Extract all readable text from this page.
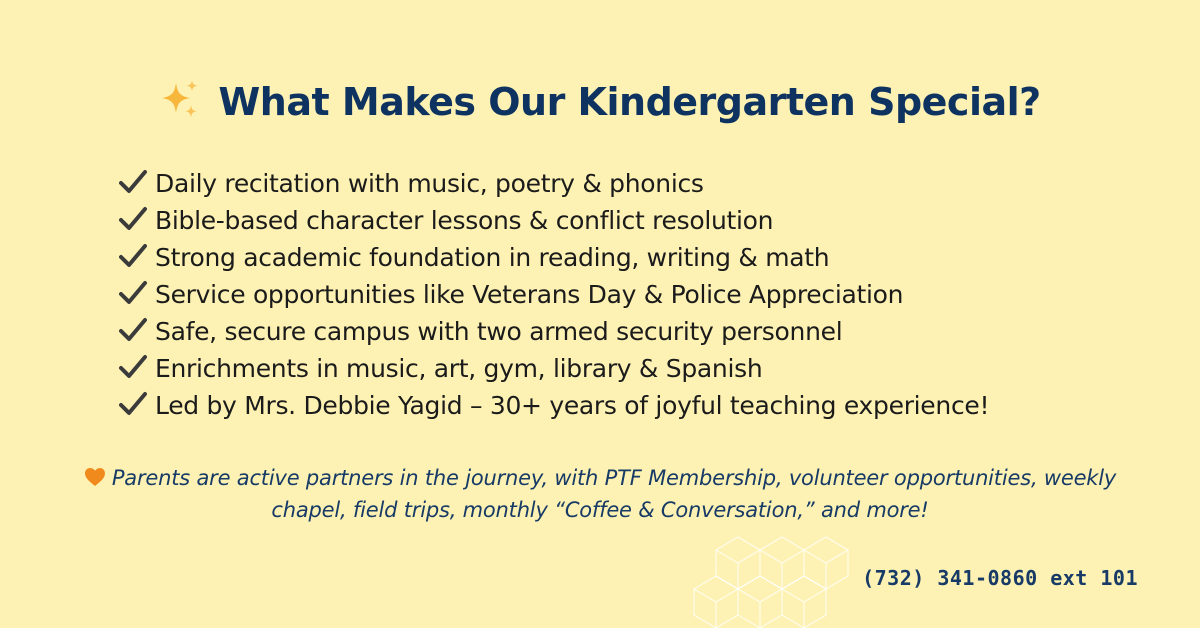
What Makes Our Kindergarten Special?
Daily recitation with music, poetry & phonics
Bible-based character lessons & conflict resolution
Strong academic foundation in reading, writing & math
Service opportunities like Veterans Day & Police Appreciation
Safe, secure campus with two armed security personnel
Enrichments in music, art, gym, library & Spanish
Led by Mrs. Debbie Yagid – 30+ years of joyful teaching experience!
Parents are active partners in the journey, with PTF Membership, volunteer opportunities, weekly chapel, field trips, monthly “Coffee & Conversation,” and more!
(732) 341-0860 ext 101
